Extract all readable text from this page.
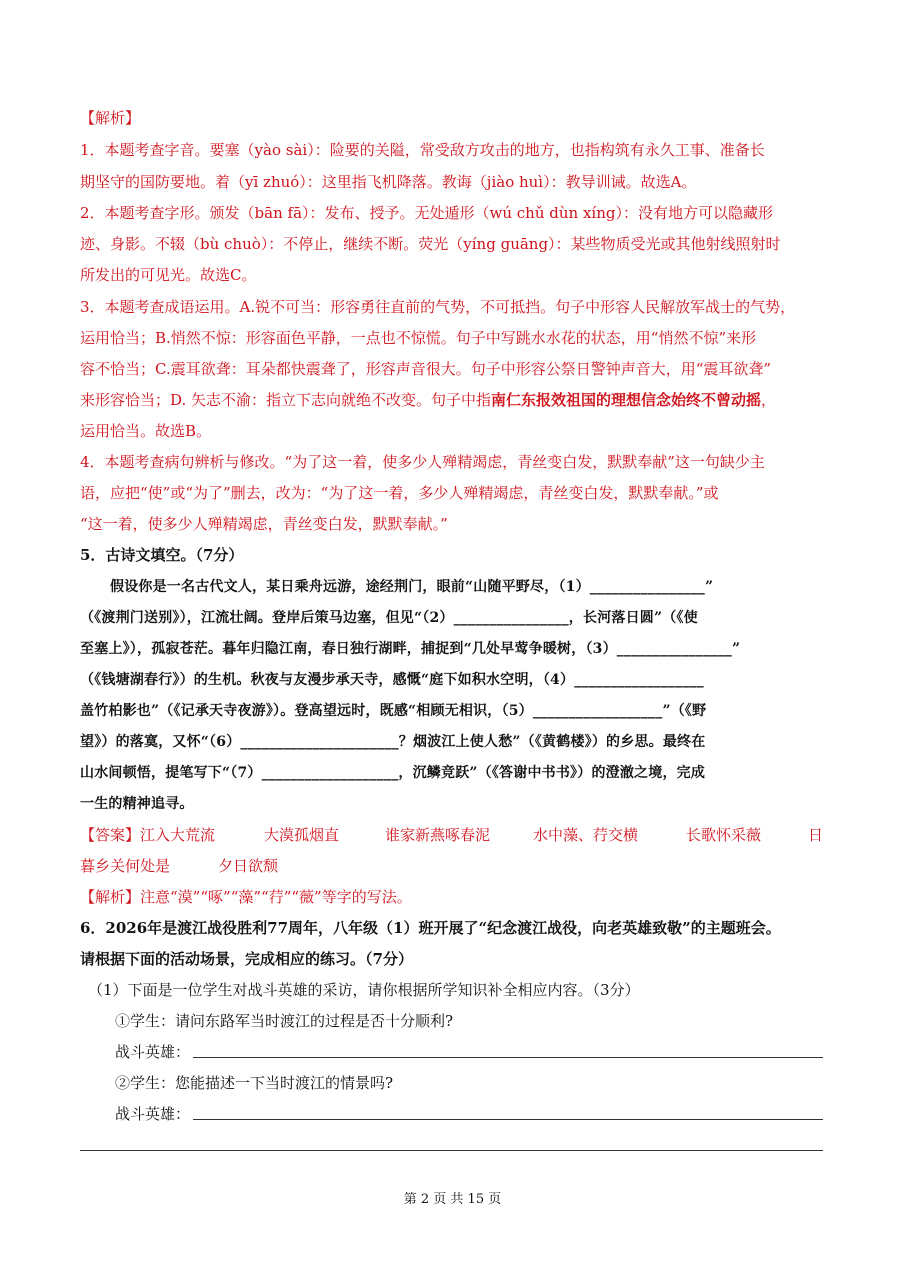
【解析】
1．本题考查字音。要塞（yào sài）：险要的关隘，常受敌方攻击的地方，也指构筑有永久工事、准备长
期坚守的国防要地。着（yī zhuó）：这里指飞机降落。教诲（jiào huì）：教导训诫。故选A。
2．本题考查字形。颁发（bān fā）：发布、授予。无处遁形（wú chǔ dùn xíng）：没有地方可以隐藏形
迹、身影。不辍（bù chuò）：不停止，继续不断。荧光（yíng guāng）：某些物质受光或其他射线照射时
所发出的可见光。故选C。
3．本题考查成语运用。A.锐不可当：形容勇往直前的气势，不可抵挡。句子中形容人民解放军战士的气势，
运用恰当；B.悄然不惊：形容面色平静，一点也不惊慌。句子中写跳水水花的状态，用“悄然不惊”来形
容不恰当；C.震耳欲聋：耳朵都快震聋了，形容声音很大。句子中形容公祭日警钟声音大，用“震耳欲聋”
来形容恰当；D. 矢志不渝：指立下志向就绝不改变。句子中指南仁东报效祖国的理想信念始终不曾动摇，
运用恰当。故选B。
4．本题考查病句辨析与修改。“为了这一着，使多少人殚精竭虑，青丝变白发，默默奉献”这一句缺少主
语，应把“使”或“为了”删去，改为：“为了这一着，多少人殚精竭虑，青丝变白发，默默奉献。”或
“这一着，使多少人殚精竭虑，青丝变白发，默默奉献。”
5．古诗文填空。（7分）
假设你是一名古代文人，某日乘舟远游，途经荆门，眼前“山随平野尽，（1）________________”
（《渡荆门送别》），江流壮阔。登岸后策马边塞，但见“（2）________________，长河落日圆”（《使
至塞上》），孤寂苍茫。暮年归隐江南，春日独行湖畔，捕捉到“几处早莺争暖树，（3）________________”
（《钱塘湖春行》）的生机。秋夜与友漫步承天寺，感慨“庭下如积水空明，（4）__________________
盖竹柏影也”（《记承天寺夜游》）。登高望远时，既感“相顾无相识，（5）__________________”（《野
望》）的落寞，又怀“（6）______________________？烟波江上使人愁”（《黄鹤楼》）的乡思。最终在
山水间顿悟，提笔写下“（7）___________________，沉鳞竞跃”（《答谢中书书》）的澄澈之境，完成
一生的精神追寻。
【答案】 江入大荒流	大漠孤烟直	谁家新燕啄春泥	水中藻、荇交横	长歌怀采薇	日
暮乡关何处是	夕日欲颓
【解析】注意“漠”“啄”“藻”“荇”“薇”等字的写法。
6．2026年是渡江战役胜利77周年，八年级（1）班开展了“纪念渡江战役，向老英雄致敬”的主题班会。
请根据下面的活动场景，完成相应的练习。（7分）
（1）下面是一位学生对战斗英雄的采访，请你根据所学知识补全相应内容。（3分）
①学生：请问东路军当时渡江的过程是否十分顺利?
战斗英雄：
②学生：您能描述一下当时渡江的情景吗?
战斗英雄：
第 2 页 共 15 页
